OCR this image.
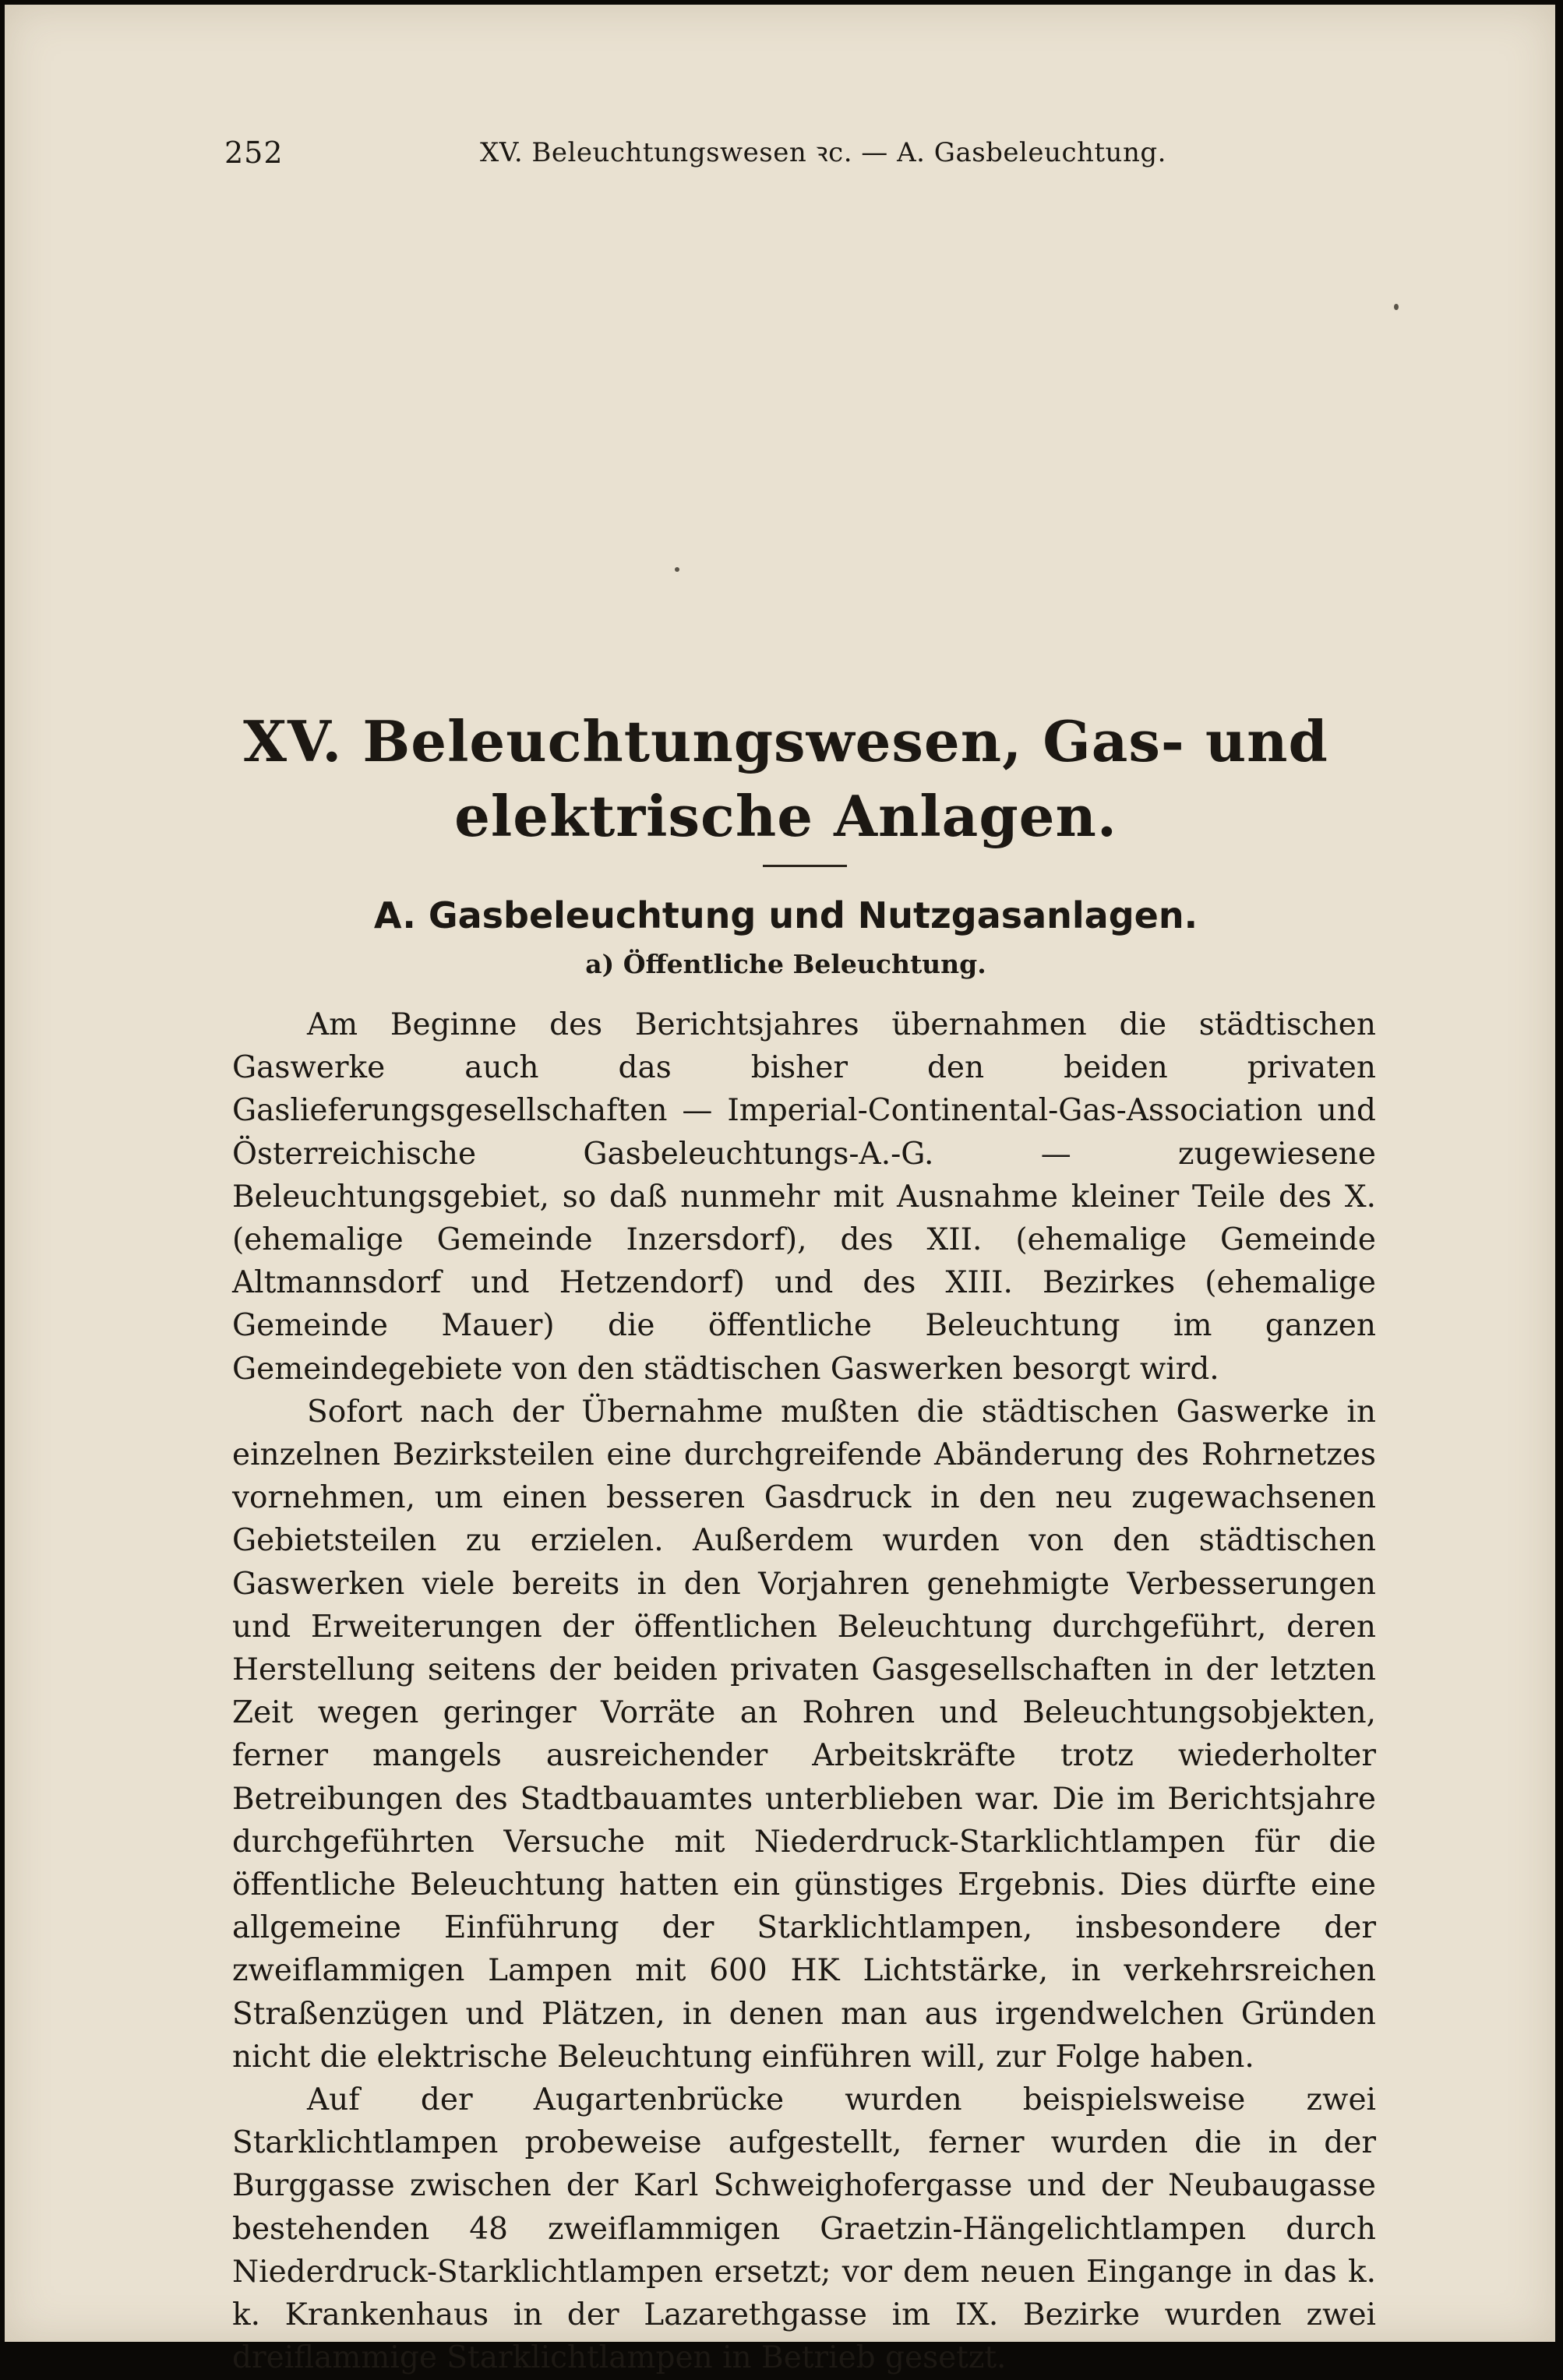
252	XV. Beleuchtungswesen ꝛc. — A. Gasbeleuchtung.
XV. Beleuchtungswesen, Gas- und elektrische Anlagen.
A. Gasbeleuchtung und Nutzgasanlagen.
a) Öffentliche Beleuchtung.

Am Beginne des Berichtsjahres übernahmen die städtischen Gaswerke auch das bisher den beiden privaten Gaslieferungsgesellschaften — Imperial-Continental-Gas-Association und Österreichische Gasbeleuchtungs-A.-G. — zugewiesene Beleuchtungsgebiet, so daß nunmehr mit Ausnahme kleiner Teile des X. (ehemalige Gemeinde Inzersdorf), des XII. (ehemalige Gemeinde Altmannsdorf und Hetzendorf) und des XIII. Bezirkes (ehemalige Gemeinde Mauer) die öffentliche Beleuchtung im ganzen Gemeindegebiete von den städtischen Gaswerken besorgt wird.

Sofort nach der Übernahme mußten die städtischen Gaswerke in einzelnen Bezirksteilen eine durchgreifende Abänderung des Rohrnetzes vornehmen, um einen besseren Gasdruck in den neu zugewachsenen Gebietsteilen zu erzielen. Außerdem wurden von den städtischen Gaswerken viele bereits in den Vorjahren genehmigte Verbesserungen und Erweiterungen der öffentlichen Beleuchtung durchgeführt, deren Herstellung seitens der beiden privaten Gasgesellschaften in der letzten Zeit wegen geringer Vorräte an Rohren und Beleuchtungsobjekten, ferner mangels ausreichender Arbeitskräfte trotz wiederholter Betreibungen des Stadtbauamtes unterblieben war. Die im Berichtsjahre durchgeführten Versuche mit Niederdruck-Starklichtlampen für die öffentliche Beleuchtung hatten ein günstiges Ergebnis. Dies dürfte eine allgemeine Einführung der Starklichtlampen, insbesondere der zweiflammigen Lampen mit 600 HK Lichtstärke, in verkehrsreichen Straßenzügen und Plätzen, in denen man aus irgendwelchen Gründen nicht die elektrische Beleuchtung einführen will, zur Folge haben.

Auf der Augartenbrücke wurden beispielsweise zwei Starklichtlampen probeweise aufgestellt, ferner wurden die in der Burggasse zwischen der Karl Schweighofergasse und der Neubaugasse bestehenden 48 zweiflammigen Graetzin-Hängelichtlampen durch Niederdruck-Starklichtlampen ersetzt; vor dem neuen Eingange in das k. k. Krankenhaus in der Lazarethgasse im IX. Bezirke wurden zwei dreiflammige Starklichtlampen in Betrieb gesetzt.
